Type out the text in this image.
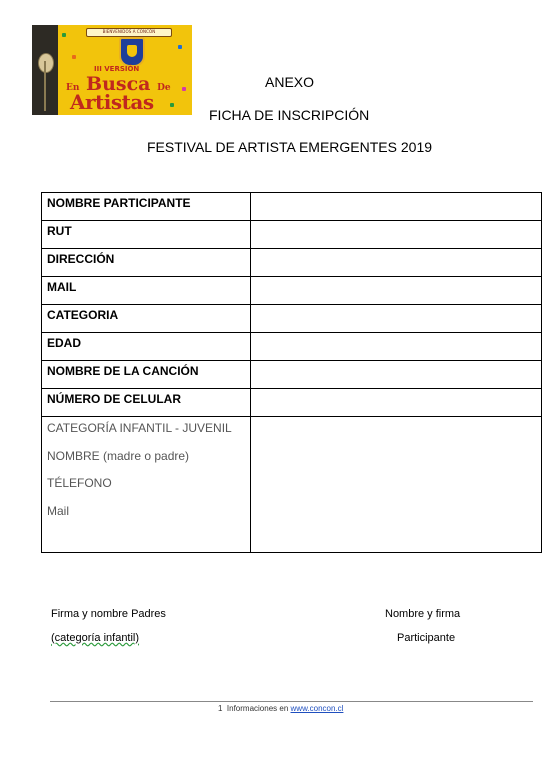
BIENVENIDOS A CONCÓN
III VERSIÓN
En Busca De
Artistas
ANEXO
FICHA DE INSCRIPCIÓN
FESTIVAL DE ARTISTA EMERGENTES 2019
NOMBRE PARTICIPANTE	
RUT	
DIRECCIÓN	
MAIL	
CATEGORIA	
EDAD	
NOMBRE DE LA CANCIÓN	
NÚMERO DE CELULAR	

CATEGORÍA INFANTIL - JUVENIL
NOMBRE (madre o padre)
TÉLEFONO
Mail	

Firma y nombre Padres
(categoría infantil)
Nombre y firma
Participante
1 Informaciones en www.concon.cl
